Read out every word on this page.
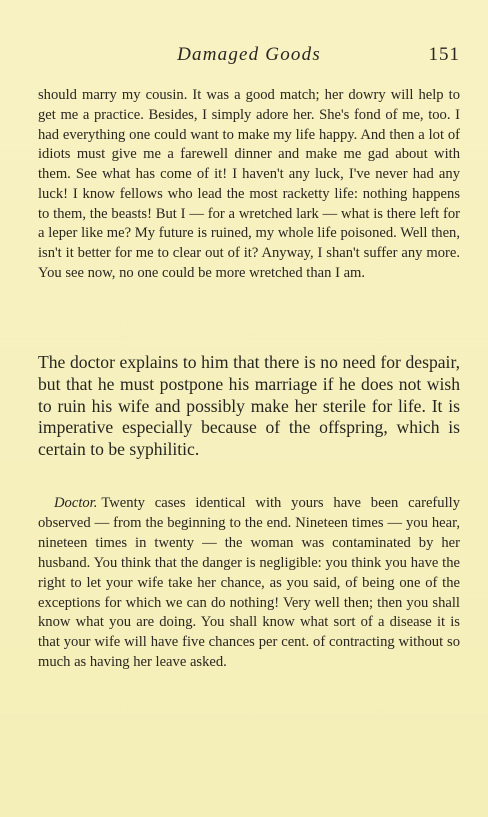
Damaged Goods	151

should marry my cousin. It was a good match; her dowry will help to get me a practice. Besides, I simply adore her. She's fond of me, too. I had everything one could want to make my life happy. And then a lot of idiots must give me a farewell dinner and make me gad about with them. See what has come of it! I haven't any luck, I've never had any luck! I know fellows who lead the most racketty life: nothing happens to them, the beasts! But I — for a wretched lark — what is there left for a leper like me? My future is ruined, my whole life poisoned. Well then, isn't it better for me to clear out of it? Anyway, I shan't suffer any more. You see now, no one could be more wretched than I am.

The doctor explains to him that there is no need for despair, but that he must postpone his marriage if he does not wish to ruin his wife and possibly make her sterile for life. It is imperative especially because of the offspring, which is certain to be syphilitic.

Doctor. Twenty cases identical with yours have been carefully observed — from the beginning to the end. Nineteen times — you hear, nineteen times in twenty — the woman was contaminated by her husband. You think that the danger is negligible: you think you have the right to let your wife take her chance, as you said, of being one of the exceptions for which we can do nothing! Very well then; then you shall know what you are doing. You shall know what sort of a disease it is that your wife will have five chances per cent. of contracting without so much as having her leave asked.
